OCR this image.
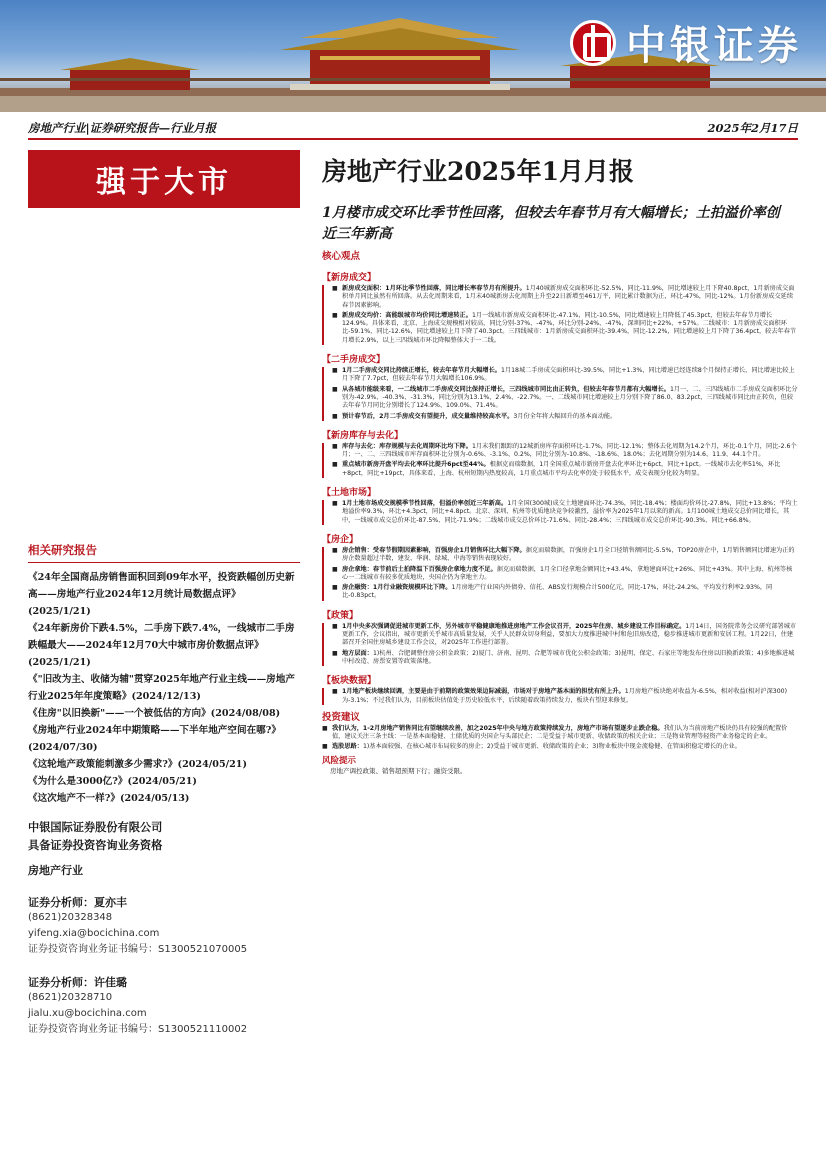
中银证券
房地产行业|证券研究报告—行业月报	2025年2月17日
强于大市	房地产行业2025年1月月报
1月楼市成交环比季节性回落，但较去年春节月有大幅增长；土拍溢价率创近三年新高
核心观点
【新房成交】
■ 新房成交面积：1月环比季节性回落，同比增长率春节月有所提升。1月40城新房成交面积环比-52.5%，同比-11.9%，同比增速较上月下降40.8pct，1月新房成交面积单月同比虽然有所回落。从去化周期来看，1月末40城新房去化周期上升至22日新增至461万平，同比累计数据为正，环比-47%，同比-12%。1月份新房成交延续春节因素影响。
■ 新房成交均价：高能级城市均价同比增速转正。1月一线城市新房成交面积环比-47.1%，同比-10.5%，同比增速较上月降低了45.3pct，但较去年春节月增长124.9%。具体来看，北京、上海成交规模相对较高，同比分别-37%、-47%，环比分别-24%、-47%，深圳同比+22%、+57%。二线城市：1月新房成交面积环比-59.1%，同比-12.6%，同比增速较上月下降了40.3pct。三四线城市：1月新房成交面积环比-39.4%，同比-12.2%，同比增速较上月下降了36.4pct，较去年春节月增长2.9%，以上三四线城市环比降幅整体大于一二线。
【二手房成交】
■ 1月二手房成交同比持续正增长，较去年春节月大幅增长。1月18城二手房成交面积环比-39.5%，同比+1.3%，同比增速已经连续8个月保持正增长，同比增速比较上月下降了7.7pct，但较去年春节月大幅增长106.9%。
■ 从各城市能级来看，一二线城市二手房成交同比保持正增长，三四线城市同比由正转负，但较去年春节月都有大幅增长。1月一、二、三四线城市二手房成交面积环比分别为-42.9%、-40.3%、-31.3%，同比分别为13.1%、2.4%、-22.7%。一、二线城市同比增速较上月分别下降了86.0、83.2pct，三四线城市同比由正转负，但较去年春节月同比分别增长了124.9%、109.0%、71.4%。
■ 预计春节后，2月二手房成交有望提升，成交量维持较高水平。3月份全年将大幅回升的基本面动能。
【新房库存与去化】
■ 库存与去化：库存规模与去化周期环比均下降。1月末我们跟踪的12城新房库存面积环比-1.7%，同比-12.1%；整体去化周期为14.2个月，环比-0.1个月，同比-2.6个月；一、二、三四线城市库存面积环比分别为-0.6%、-3.1%、0.2%，同比分别为-10.8%、-18.6%、18.0%；去化周期分别为14.6、11.9、44.1个月。
■ 重点城市新房开盘平均去化率环比提升6pct至44%。根据克而瑞数据，1月全国重点城市新房开盘去化率环比+6pct，同比+1pct。一线城市去化率51%，环比+8pct，同比+19pct，具体来看，上海、杭州短期内热度较高，1月重点城市平均去化率仍处于较低水平，成交表现分化较为明显。
【土地市场】
■ 1月土地市场成交规模季节性回落，但溢价率创近三年新高。1月全国(300城)成交土地建面环比-74.3%，同比-18.4%；楼面均价环比-27.8%，同比+13.8%；平均土地溢价率9.3%，环比+4.3pct，同比+4.8pct。北京、深圳、杭州等优质地块竞争较激烈，溢价率为2025年1月以来的新高。1月100城土地成交总价同比增长，其中，一线城市成交总价环比-87.5%、同比-71.9%；二线城市成交总价环比-71.6%、同比-28.4%；三四线城市成交总价环比-90.3%、同比+66.8%。
【房企】
■ 房企销售：受春节假期因素影响，百强房企1月销售环比大幅下降。据克而瑞数据，百强房企1月全口径销售额同比-5.5%，TOP20房企中，1月销售额同比增速为正的房企数量超过半数，建发、华润、绿城、中海等销售表现较好。
■ 房企拿地：春节前后土拍降温下百强房企拿地力度不足。据克而瑞数据，1月全口径拿地金额同比+43.4%，拿地建面环比+26%、同比+43%。其中上海、杭州等核心一二线城市有较多优质地块，央国企仍为拿地主力。
■ 房企融资：1月行业融资规模环比下降。1月房地产行业国内外债券、信托、ABS发行规模合计500亿元，同比-17%，环比-24.2%，平均发行利率2.93%，同比-0.83pct。
【政策】
■ 1月中央多次强调促进城市更新工作，另外城市平稳健康地推进房地产工作会议召开，2025年住房、城乡建设工作目标确定。1月14日，国务院常务会议研究部署城市更新工作，会议指出，城市更新关乎城市高质量发展，关乎人民群众切身利益，要加大力度推进城中村和危旧房改造，稳步推进城市更新和安居工程。1月22日，住建部召开全国住房城乡建设工作会议，对2025年工作进行部署。
■ 地方层面：1)杭州、合肥调整住房公积金政策；2)厦门、济南、昆明、合肥等城市优化公积金政策；3)昆明、保定、石家庄等地发布住房以旧换新政策；4)多地推进城中村改造、房票安置等政策落地。
【板块数据】
■ 1月地产板块继续回调，主要是由于前期的政策效果边际减弱，市场对于房地产基本面的担忧有所上升。1月房地产板块绝对收益为-6.5%，相对收益(相对沪深300)为-3.1%；不过我们认为，目前板块估值处于历史较低水平，后续随着政策持续发力，板块有望迎来修复。
投资建议
■ 我们认为，1-2月房地产销售同比有望继续改善，加之2025年中央与地方政策持续发力，房地产市场有望逐步止跌企稳。我们认为当前房地产板块仍具有较强的配置价值，建议关注三条主线：一是基本面稳健、土储优质的央国企与头部民企；二是受益于城市更新、收储政策的相关企业；三是物业管理等轻资产业务稳定的企业。
■ 选股思路：1)基本面较强、在核心城市布局较多的房企；2)受益于城市更新、收储政策的企业；3)物业板块中现金流稳健、在管面积稳定增长的企业。
风险提示
房地产调控政策、销售超预期下行；融资受限。
相关研究报告
《24年全国商品房销售面积回到09年水平，投资跌幅创历史新高——房地产行业2024年12月统计局数据点评》(2025/1/21)
《24年新房价下跌4.5%，二手房下跌7.4%，一线城市二手房跌幅最大——2024年12月70大中城市房价数据点评》(2025/1/21)
《"旧改为主、收储为辅"贯穿2025年地产行业主线——房地产行业2025年年度策略》(2024/12/13)
《住房"以旧换新"——一个被低估的方向》(2024/08/08)
《房地产行业2024年中期策略——下半年地产空间在哪?》(2024/07/30)
《这轮地产政策能刺激多少需求?》(2024/05/21)
《为什么是3000亿?》(2024/05/21)
《这次地产不一样?》(2024/05/13)
中银国际证券股份有限公司
具备证券投资咨询业务资格
房地产行业
证券分析师：夏亦丰
(8621)20328348
yifeng.xia@bocichina.com
证券投资咨询业务证书编号：S1300521070005
证券分析师：许佳璐
(8621)20328710
jialu.xu@bocichina.com
证券投资咨询业务证书编号：S1300521110002
